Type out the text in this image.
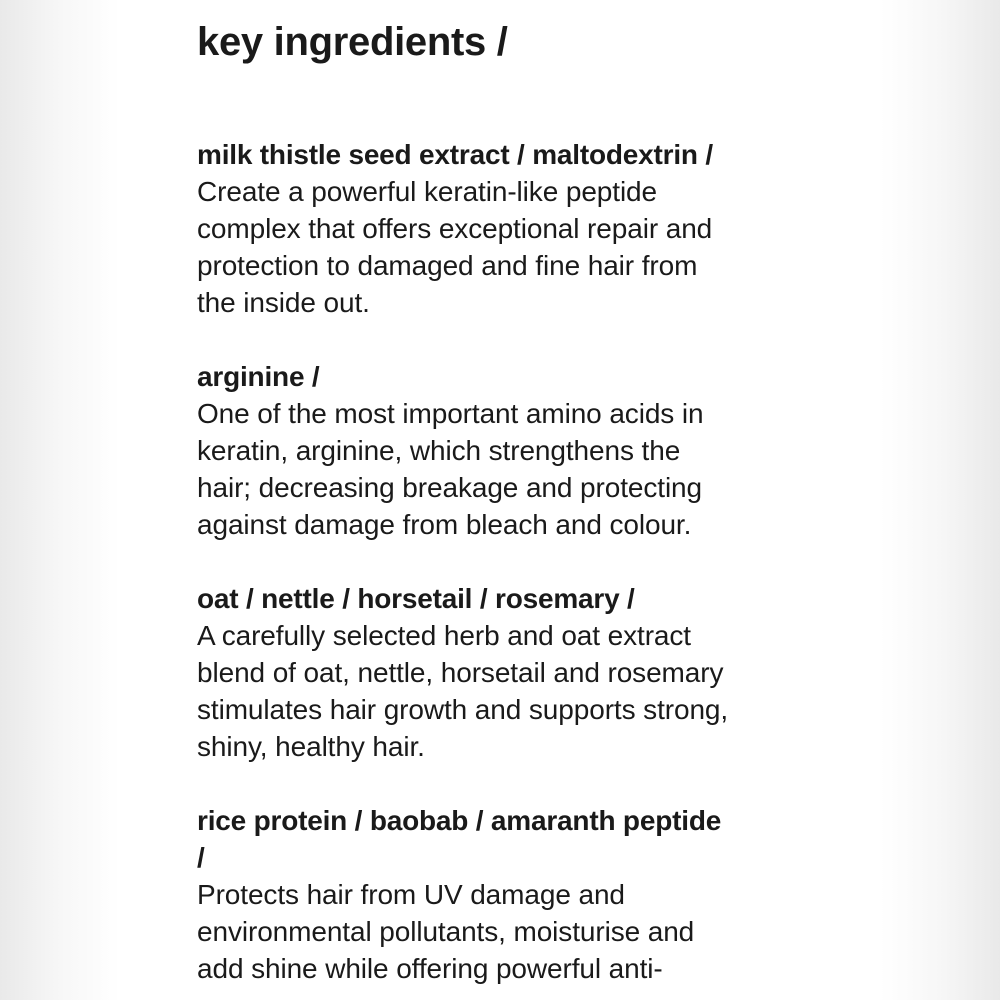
key ingredients /

milk thistle seed extract / maltodextrin /

Create a powerful keratin-like peptide
complex that offers exceptional repair and
protection to damaged and fine hair from
the inside out.

arginine /

One of the most important amino acids in
keratin, arginine, which strengthens the
hair; decreasing breakage and protecting
against damage from bleach and colour.

oat / nettle / horsetail / rosemary /

A carefully selected herb and oat extract
blend of oat, nettle, horsetail and rosemary
stimulates hair growth and supports strong,
shiny, healthy hair.

rice protein / baobab / amaranth peptide
/

Protects hair from UV damage and
environmental pollutants, moisturise and
add shine while offering powerful anti-
